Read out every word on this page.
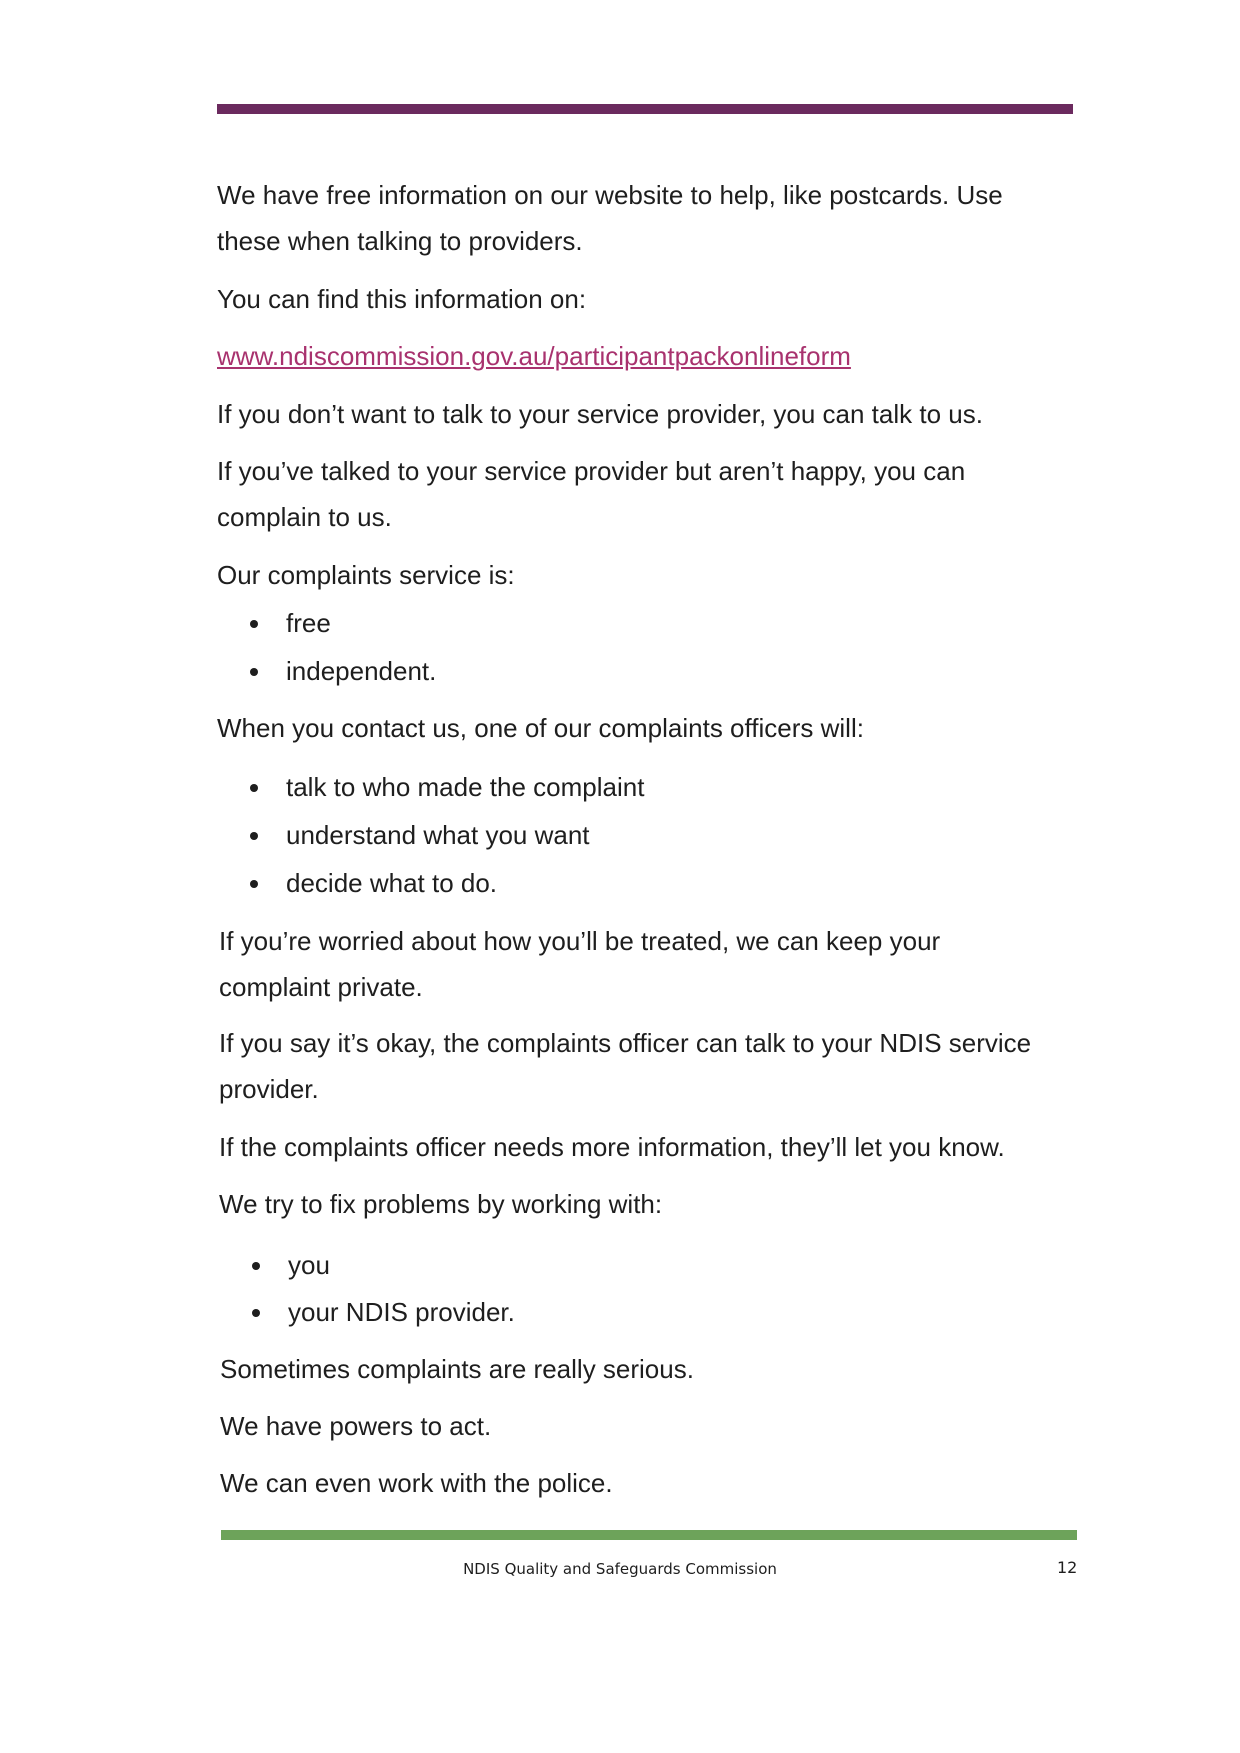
We have free information on our website to help, like postcards. Use

these when talking to providers.

You can find this information on:

www.ndiscommission.gov.au/participantpackonlineform

If you don’t want to talk to your service provider, you can talk to us.

If you’ve talked to your service provider but aren’t happy, you can

complain to us.

Our complaints service is:

free
independent.

When you contact us, one of our complaints officers will:

talk to who made the complaint
understand what you want
decide what to do.

If you’re worried about how you’ll be treated, we can keep your

complaint private.

If you say it’s okay, the complaints officer can talk to your NDIS service

provider.

If the complaints officer needs more information, they’ll let you know.

We try to fix problems by working with:

you
your NDIS provider.

Sometimes complaints are really serious.

We have powers to act.

We can even work with the police.

NDIS Quality and Safeguards Commission	12
